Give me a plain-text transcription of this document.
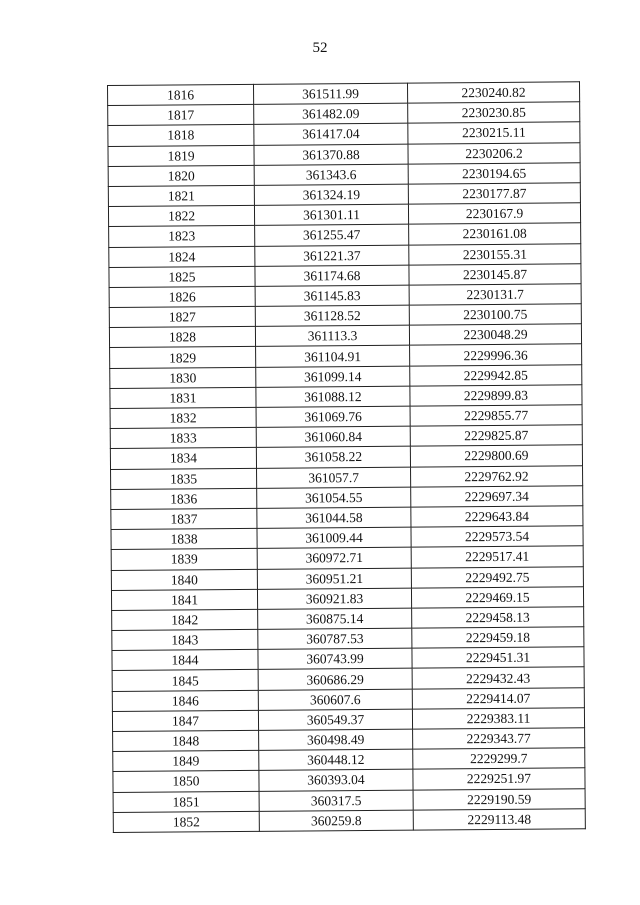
52
1816	361511.99	2230240.82
1817	361482.09	2230230.85
1818	361417.04	2230215.11
1819	361370.88	2230206.2
1820	361343.6	2230194.65
1821	361324.19	2230177.87
1822	361301.11	2230167.9
1823	361255.47	2230161.08
1824	361221.37	2230155.31
1825	361174.68	2230145.87
1826	361145.83	2230131.7
1827	361128.52	2230100.75
1828	361113.3	2230048.29
1829	361104.91	2229996.36
1830	361099.14	2229942.85
1831	361088.12	2229899.83
1832	361069.76	2229855.77
1833	361060.84	2229825.87
1834	361058.22	2229800.69
1835	361057.7	2229762.92
1836	361054.55	2229697.34
1837	361044.58	2229643.84
1838	361009.44	2229573.54
1839	360972.71	2229517.41
1840	360951.21	2229492.75
1841	360921.83	2229469.15
1842	360875.14	2229458.13
1843	360787.53	2229459.18
1844	360743.99	2229451.31
1845	360686.29	2229432.43
1846	360607.6	2229414.07
1847	360549.37	2229383.11
1848	360498.49	2229343.77
1849	360448.12	2229299.7
1850	360393.04	2229251.97
1851	360317.5	2229190.59
1852	360259.8	2229113.48
